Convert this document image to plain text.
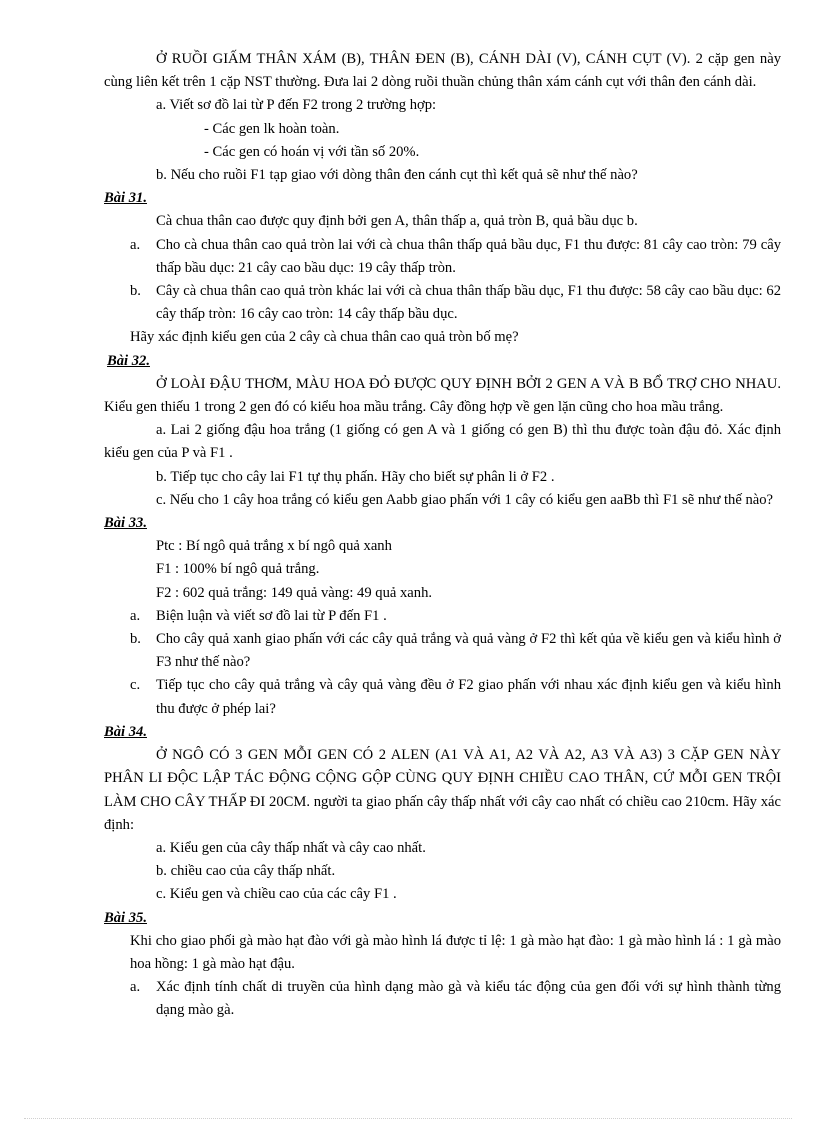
Ở RUỒI GIẤM THÂN XÁM (B), THÂN ĐEN (B), CÁNH DÀI (V), CÁNH CỤT (V). 2 cặp gen này cùng liên kết trên 1 cặp NST thường. Đưa lai 2 dòng ruồi thuần chủng thân xám cánh cụt với thân đen cánh dài.

a. Viết sơ đồ lai từ P đến F2 trong 2 trường hợp:

- Các gen lk hoàn toàn.

- Các gen có hoán vị với tần số 20%.

b. Nếu cho ruồi F1 tạp giao với dòng thân đen cánh cụt thì kết quả sẽ như thế nào?

Bài 31.

Cà chua thân cao được quy định bởi gen A, thân thấp a, quả tròn B, quả bầu dục b.

a. Cho cà chua thân cao quả tròn lai với cà chua thân thấp quả bầu dục, F1 thu được: 81 cây cao tròn: 79 cây thấp bầu dục: 21 cây cao bầu dục: 19 cây thấp tròn.
b. Cây cà chua thân cao quả tròn khác lai với cà chua thân thấp bầu dục, F1 thu được: 58 cây cao bầu dục: 62 cây thấp tròn: 16 cây cao tròn: 14 cây thấp bầu dục.

Hãy xác định kiểu gen của 2 cây cà chua thân cao quả tròn bố mẹ?

Bài 32.

Ở LOÀI ĐẬU THƠM, MÀU HOA ĐỎ ĐƯỢC QUY ĐỊNH BỞI 2 GEN A VÀ B BỔ TRỢ CHO NHAU. Kiểu gen thiếu 1 trong 2 gen đó có kiểu hoa mầu trắng. Cây đồng hợp về gen lặn cũng cho hoa mầu trắng.

a. Lai 2 giống đậu hoa trắng (1 giống có gen A và 1 giống có gen B) thì thu được toàn đậu đỏ. Xác định kiểu gen của P và F1 .

b. Tiếp tục cho cây lai F1 tự thụ phấn. Hãy cho biết sự phân li ở F2 .

c. Nếu cho 1 cây hoa trắng có kiểu gen Aabb giao phấn với 1 cây có kiểu gen aaBb thì F1 sẽ như thế nào?

Bài 33.

Ptc : Bí ngô quả trắng x bí ngô quả xanh

F1 : 100% bí ngô quả trắng.

F2 : 602 quả trắng: 149 quả vàng: 49 quả xanh.

a. Biện luận và viết sơ đồ lai từ P đến F1 .
b. Cho cây quả xanh giao phấn với các cây quả trắng và quả vàng ở F2 thì kết qủa về kiểu gen và kiểu hình ở F3 như thế nào?
c. Tiếp tục cho cây quả trắng và cây quả vàng đều ở F2 giao phấn với nhau xác định kiểu gen và kiểu hình thu được ở phép lai?

Bài 34.

Ở NGÔ CÓ 3 GEN MỖI GEN CÓ 2 ALEN (A1 VÀ A1, A2 VÀ A2, A3 VÀ A3) 3 CẶP GEN NÀY PHÂN LI ĐỘC LẬP TÁC ĐỘNG CỘNG GỘP CÙNG QUY ĐỊNH CHIỀU CAO THÂN, CỨ MỖI GEN TRỘI LÀM CHO CÂY THẤP ĐI 20CM. người ta giao phấn cây thấp nhất với cây cao nhất có chiều cao 210cm. Hãy xác định:

a. Kiểu gen của cây thấp nhất và cây cao nhất.

b. chiều cao của cây thấp nhất.

c. Kiểu gen và chiều cao của các cây F1 .

Bài 35.

Khi cho giao phối gà mào hạt đào với gà mào hình lá được tỉ lệ: 1 gà mào hạt đào: 1 gà mào hình lá : 1 gà mào hoa hồng: 1 gà mào hạt đậu.

a. Xác định tính chất di truyền của hình dạng mào gà và kiểu tác động của gen đối với sự hình thành từng dạng mào gà.
